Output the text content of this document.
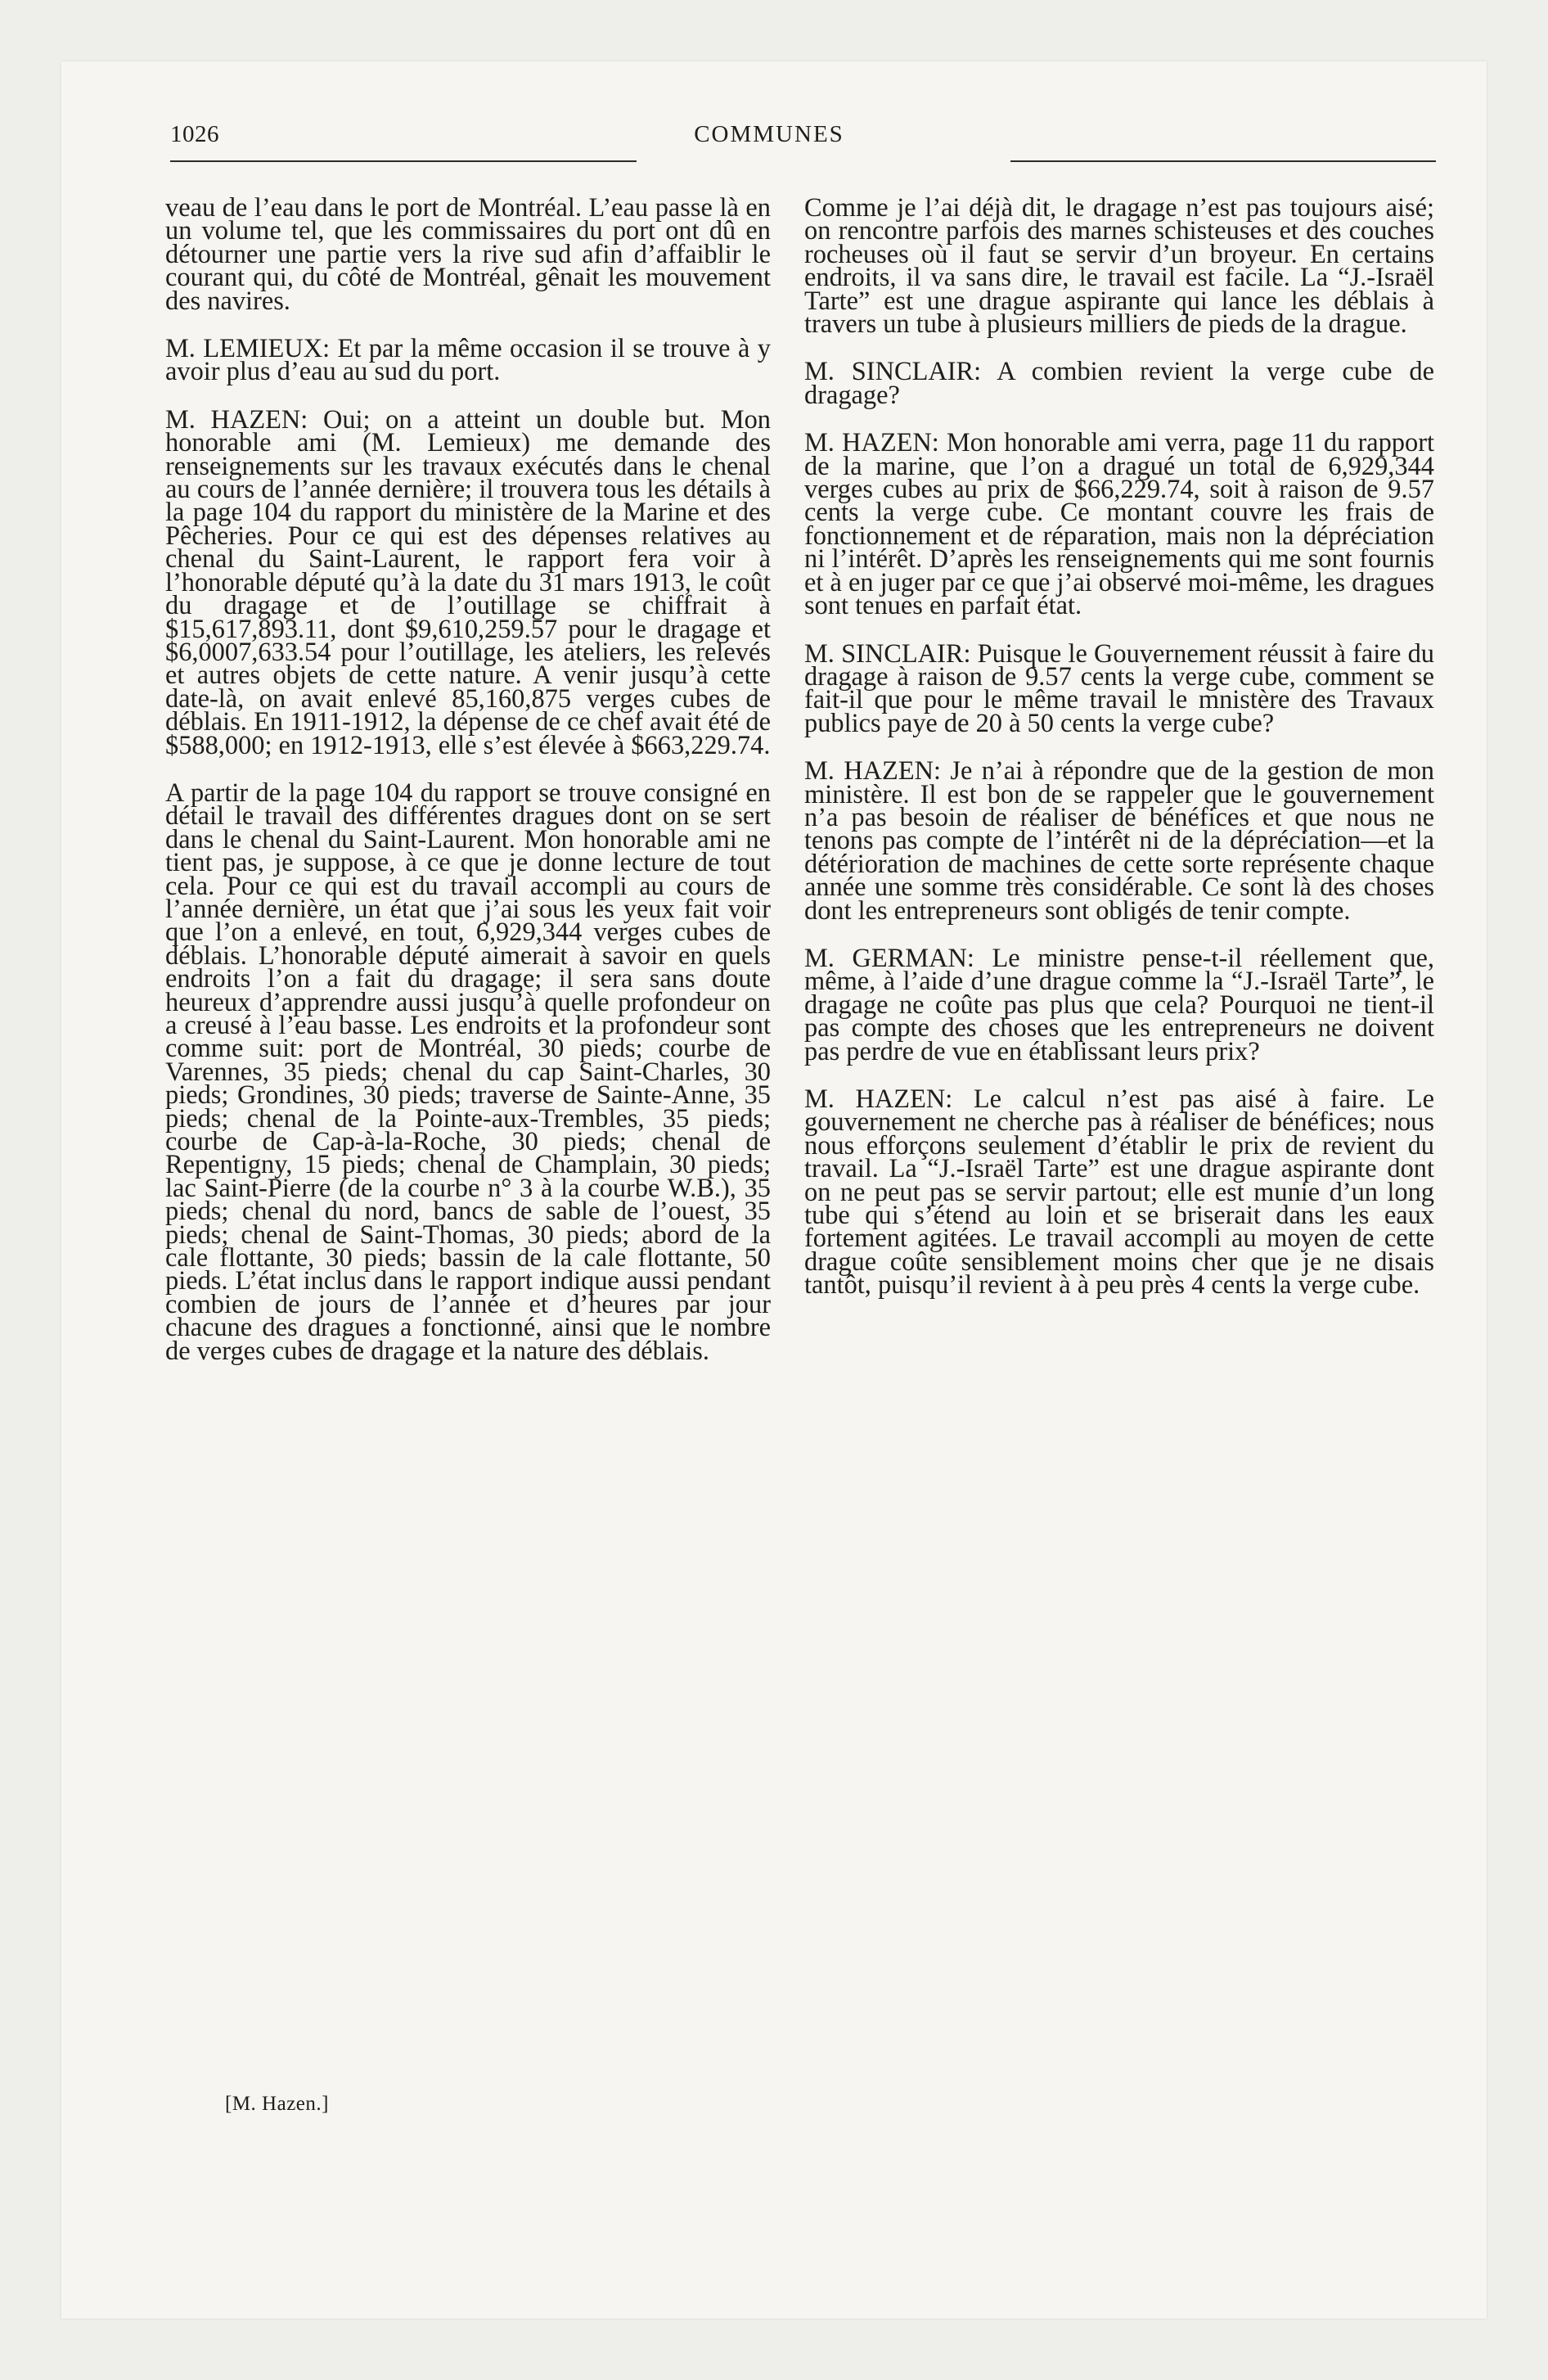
1026	COMMUNES

veau de l’eau dans le port de Montréal. L’eau passe là en un volume tel, que les commissaires du port ont dû en détourner une partie vers la rive sud afin d’affaiblir le courant qui, du côté de Montréal, gênait les mouvement des navires.

M. LEMIEUX: Et par la même occasion il se trouve à y avoir plus d’eau au sud du port.

M. HAZEN: Oui; on a atteint un double but. Mon honorable ami (M. Lemieux) me demande des renseignements sur les travaux exécutés dans le chenal au cours de l’année dernière; il trouvera tous les détails à la page 104 du rapport du ministère de la Marine et des Pêcheries. Pour ce qui est des dépenses relatives au chenal du Saint-Laurent, le rapport fera voir à l’honorable député qu’à la date du 31 mars 1913, le coût du dragage et de l’outillage se chiffrait à $15,617,893.11, dont $9,610,259.57 pour le dragage et $6,0007,633.54 pour l’outillage, les ateliers, les relevés et autres objets de cette nature. A venir jusqu’à cette date-là, on avait enlevé 85,160,875 verges cubes de déblais. En 1911-1912, la dépense de ce chef avait été de $588,000; en 1912-1913, elle s’est élevée à $663,229.74.

A partir de la page 104 du rapport se trouve consigné en détail le travail des différentes dragues dont on se sert dans le chenal du Saint-Laurent. Mon honorable ami ne tient pas, je suppose, à ce que je donne lecture de tout cela. Pour ce qui est du travail accompli au cours de l’année dernière, un état que j’ai sous les yeux fait voir que l’on a enlevé, en tout, 6,929,344 verges cubes de déblais. L’honorable député aimerait à savoir en quels endroits l’on a fait du dragage; il sera sans doute heureux d’apprendre aussi jusqu’à quelle profondeur on a creusé à l’eau basse. Les endroits et la profondeur sont comme suit: port de Montréal, 30 pieds; courbe de Varennes, 35 pieds; chenal du cap Saint-Charles, 30 pieds; Grondines, 30 pieds; traverse de Sainte-Anne, 35 pieds; chenal de la Pointe-aux-Trembles, 35 pieds; courbe de Cap-à-la-Roche, 30 pieds; chenal de Repentigny, 15 pieds; chenal de Champlain, 30 pieds; lac Saint-Pierre (de la courbe n° 3 à la courbe W.B.), 35 pieds; chenal du nord, bancs de sable de l’ouest, 35 pieds; chenal de Saint-Thomas, 30 pieds; abord de la cale flottante, 30 pieds; bassin de la cale flottante, 50 pieds. L’état inclus dans le rapport indique aussi pendant combien de jours de l’année et d’heures par jour chacune des dragues a fonctionné, ainsi que le nombre de verges cubes de dragage et la nature des déblais.

[M. Hazen.]

Comme je l’ai déjà dit, le dragage n’est pas toujours aisé; on rencontre parfois des marnes schisteuses et des couches rocheuses où il faut se servir d’un broyeur. En certains endroits, il va sans dire, le travail est facile. La “J.-Israël Tarte” est une drague aspirante qui lance les déblais à travers un tube à plusieurs milliers de pieds de la drague.

M. SINCLAIR: A combien revient la verge cube de dragage?

M. HAZEN: Mon honorable ami verra, page 11 du rapport de la marine, que l’on a dragué un total de 6,929,344 verges cubes au prix de $66,229.74, soit à raison de 9.57 cents la verge cube. Ce montant couvre les frais de fonctionnement et de réparation, mais non la dépréciation ni l’intérêt. D’après les renseignements qui me sont fournis et à en juger par ce que j’ai observé moi-même, les dragues sont tenues en parfait état.

M. SINCLAIR: Puisque le Gouvernement réussit à faire du dragage à raison de 9.57 cents la verge cube, comment se fait-il que pour le même travail le mnistère des Travaux publics paye de 20 à 50 cents la verge cube?

M. HAZEN: Je n’ai à répondre que de la gestion de mon ministère. Il est bon de se rappeler que le gouvernement n’a pas besoin de réaliser de bénéfices et que nous ne tenons pas compte de l’intérêt ni de la dépréciation—et la détérioration de machines de cette sorte représente chaque année une somme très considérable. Ce sont là des choses dont les entrepreneurs sont obligés de tenir compte.

M. GERMAN: Le ministre pense-t-il réellement que, même, à l’aide d’une drague comme la “J.-Israël Tarte”, le dragage ne coûte pas plus que cela? Pourquoi ne tient-il pas compte des choses que les entrepreneurs ne doivent pas perdre de vue en établissant leurs prix?

M. HAZEN: Le calcul n’est pas aisé à faire. Le gouvernement ne cherche pas à réaliser de bénéfices; nous nous efforçons seulement d’établir le prix de revient du travail. La “J.-Israël Tarte” est une drague aspirante dont on ne peut pas se servir partout; elle est munie d’un long tube qui s’étend au loin et se briserait dans les eaux fortement agitées. Le travail accompli au moyen de cette drague coûte sensiblement moins cher que je ne disais tantôt, puisqu’il revient à à peu près 4 cents la verge cube.
